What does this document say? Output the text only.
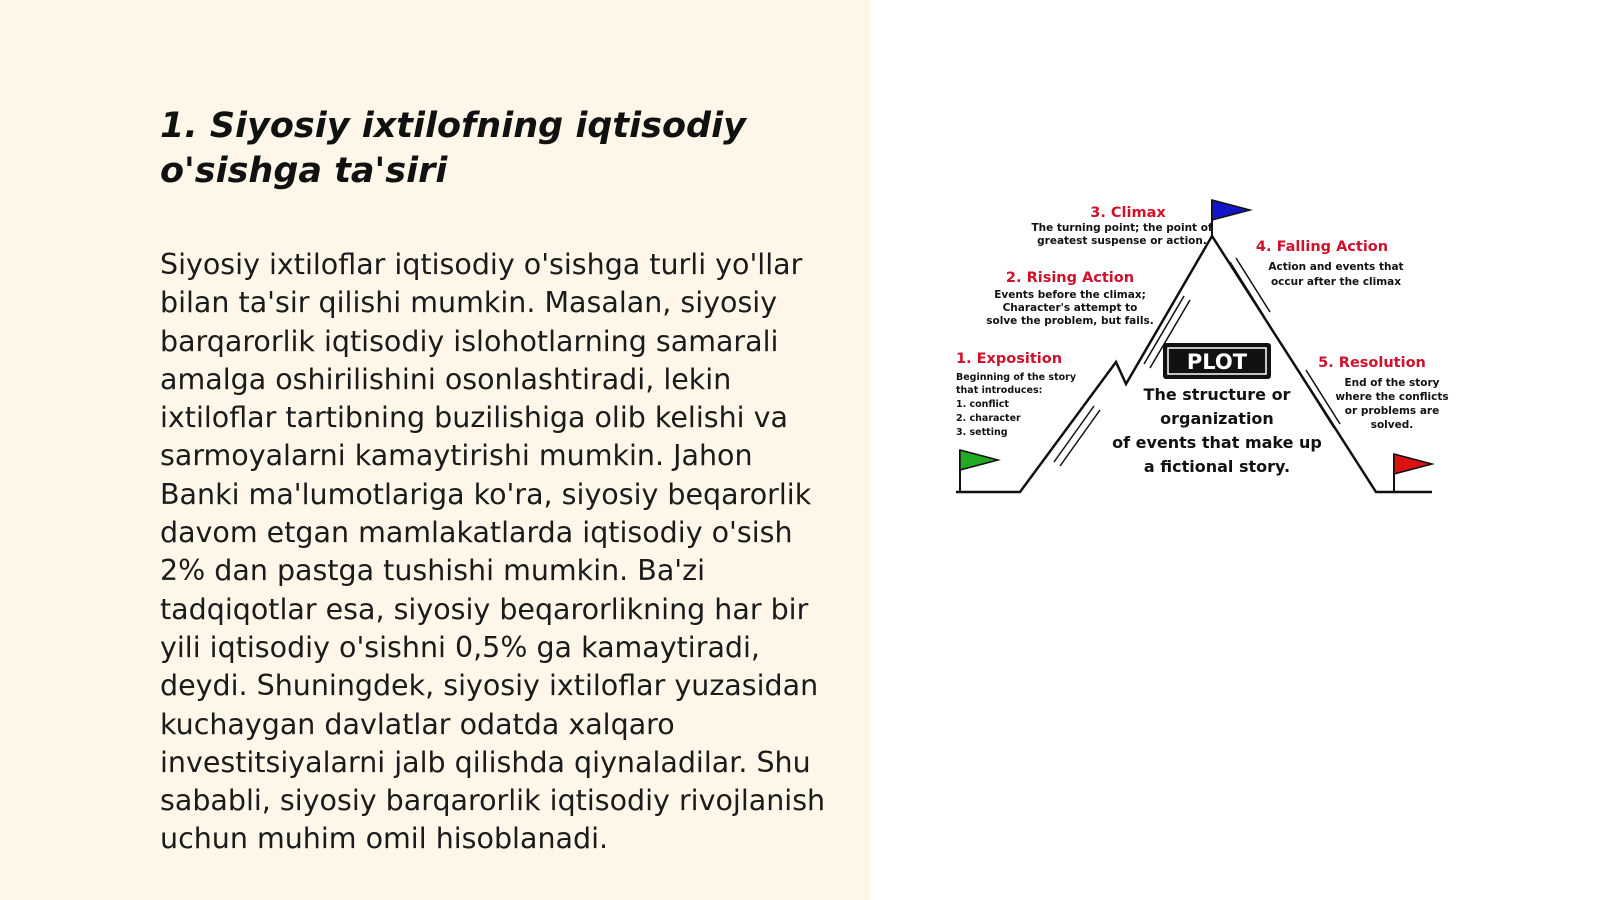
1. Siyosiy ixtilofning iqtisodiy o'sishga ta'siri

Siyosiy ixtiloflar iqtisodiy o'sishga turli yo'llar bilan ta'sir qilishi mumkin. Masalan, siyosiy barqarorlik iqtisodiy islohotlarning samarali amalga oshirilishini osonlashtiradi, lekin ixtiloflar tartibning buzilishiga olib kelishi va sarmoyalarni kamaytirishi mumkin. Jahon Banki ma'lumotlariga ko'ra, siyosiy beqarorlik davom etgan mamlakatlarda iqtisodiy o'sish 2% dan pastga tushishi mumkin. Ba'zi tadqiqotlar esa, siyosiy beqarorlikning har bir yili iqtisodiy o'sishni 0,5% ga kamaytiradi, deydi. Shuningdek, siyosiy ixtiloflar yuzasidan kuchaygan davlatlar odatda xalqaro investitsiyalarni jalb qilishda qiynaladilar. Shu sababli, siyosiy barqarorlik iqtisodiy rivojlanish uchun muhim omil hisoblanadi.

PLOT
The structure or
organization
of events that make up
a fictional story.
3. Climax
The turning point; the point of
greatest suspense or action.
2. Rising Action
Events before the climax;
Character's attempt to
solve the problem, but fails.
1. Exposition
Beginning of the story
that introduces:
1. conflict
2. character
3. setting
4. Falling Action
Action and events that
occur after the climax
5. Resolution
End of the story
where the conflicts
or problems are
solved.
